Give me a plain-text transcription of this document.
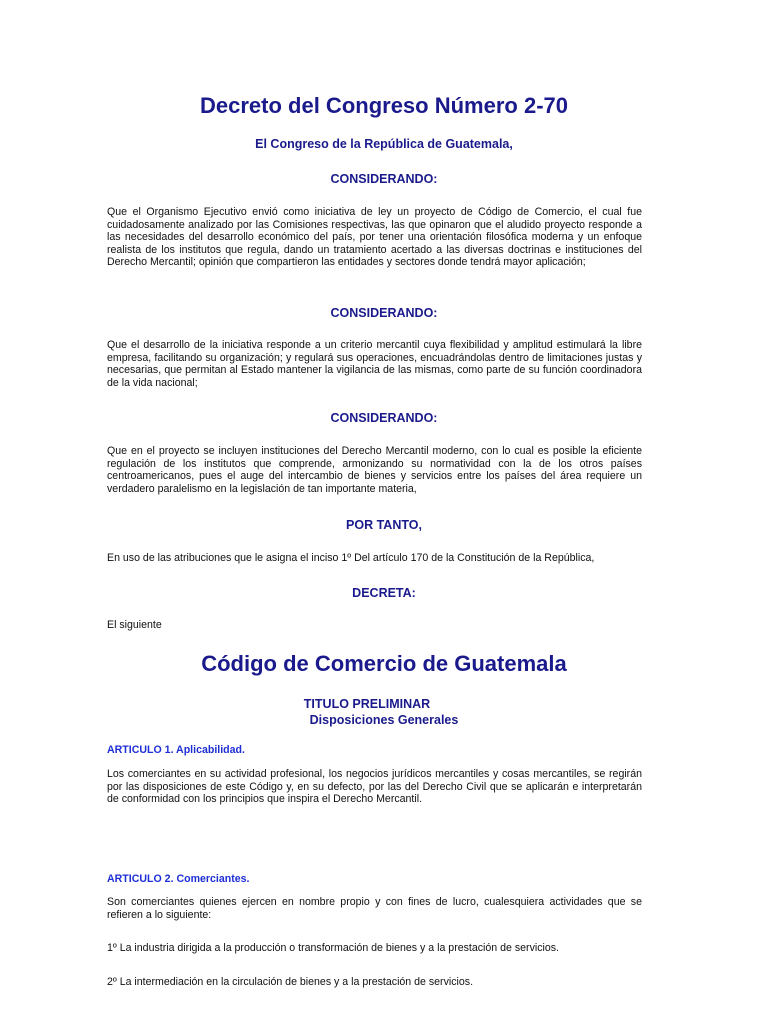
Decreto del Congreso Número 2-70
El Congreso de la República de Guatemala,
CONSIDERANDO:
Que el Organismo Ejecutivo envió como iniciativa de ley un proyecto de Código de Comercio, el cual fue cuidadosamente analizado por las Comisiones respectivas, las que opinaron que el aludido proyecto responde a las necesidades del desarrollo económico del país, por tener una orientación filosófica moderna y un enfoque realista de los institutos que regula, dando un tratamiento acertado a las diversas doctrinas e instituciones del Derecho Mercantil; opinión que compartieron las entidades y sectores donde tendrá mayor aplicación;
CONSIDERANDO:
Que el desarrollo de la iniciativa responde a un criterio mercantil cuya flexibilidad y amplitud estimulará la libre empresa, facilitando su organización; y regulará sus operaciones, encuadrándolas dentro de limitaciones justas y necesarias, que permitan al Estado mantener la vigilancia de las mismas, como parte de su función coordinadora de la vida nacional;
CONSIDERANDO:
Que en el proyecto se incluyen instituciones del Derecho Mercantil moderno, con lo cual es posible la eficiente regulación de los institutos que comprende, armonizando su normatividad con la de los otros países centroamericanos, pues el auge del intercambio de bienes y servicios entre los países del área requiere un verdadero paralelismo en la legislación de tan importante materia,
POR TANTO,
En uso de las atribuciones que le asigna el inciso 1º Del artículo 170 de la Constitución de la República,
DECRETA:
El siguiente
Código de Comercio de Guatemala
TITULO PRELIMINAR
Disposiciones Generales
ARTICULO 1. Aplicabilidad.
Los comerciantes en su actividad profesional, los negocios jurídicos mercantiles y cosas mercantiles, se regirán por las disposiciones de este Código y, en su defecto, por las del Derecho Civil que se aplicarán e interpretarán de conformidad con los principios que inspira el Derecho Mercantil.
ARTICULO 2. Comerciantes.
Son comerciantes quienes ejercen en nombre propio y con fines de lucro, cualesquiera actividades que se refieren a lo siguiente:
1º La industria dirigida a la producción o transformación de bienes y a la prestación de servicios.
2º La intermediación en la circulación de bienes y a la prestación de servicios.
